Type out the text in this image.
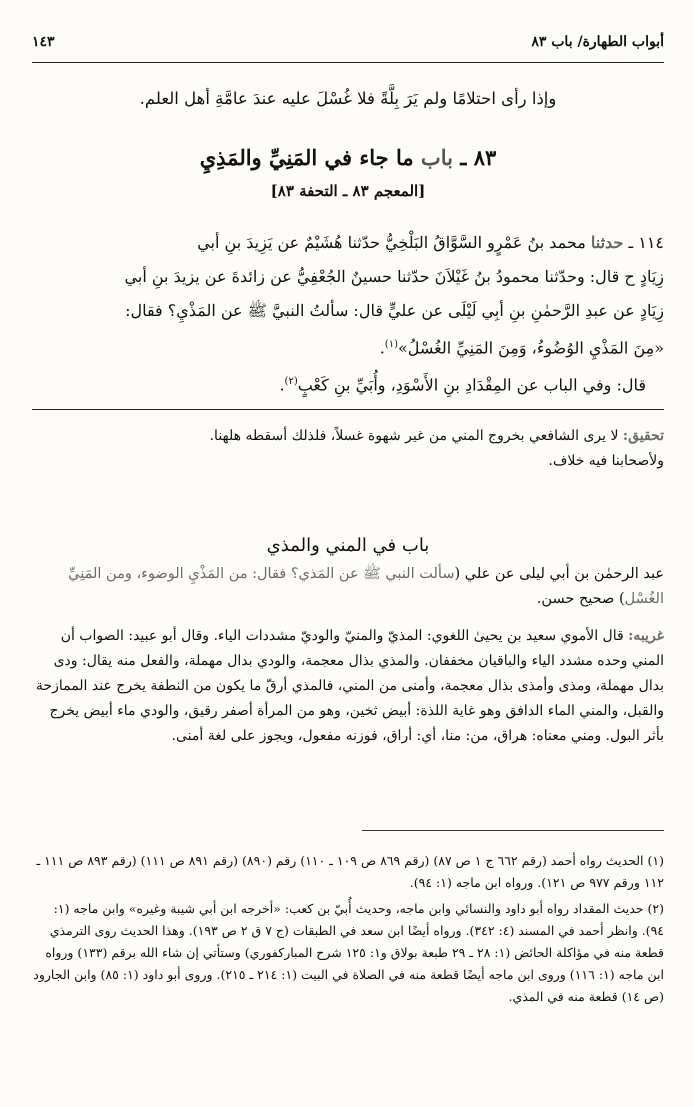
أبواب الطهارة/ باب ٨٣
١٤٣

وإذا رأى احتلامًا ولم يَرَ بِلَّةً فلا غُسْلَ عليه عندَ عامَّةِ أهل العلم.

٨٣ ـ باب ما جاء في المَنِيِّ والمَذِيِ
[المعجم ٨٣ ـ التحفة ٨٣]

١١٤ ـ حدثنا محمد بنُ عَمْرٍو السَّوَّاقُ البَلْخِيُّ حدّثنا هُشَيْمٌ عن يَزِيدَ بنِ أبي

زِيَادٍ ح قال: وحدّثنا محمودُ بنُ غَيْلاَنَ حدّثنا حسينٌ الجُعْفِيُّ عن زائدةَ عن يزيدَ بنِ أبي

زِيَادٍ عن عبدِ الرَّحمٰنِ بنِ أبِي لَيْلَى عن عليٍّ قال: سألتُ النبيَّ ﷺ عن المَذْيِ؟ فقال:

«مِنَ المَذْيِ الوُضُوءُ، وَمِنَ المَنِيِّ الغُسْلُ»$^{(١)}$.

قال: وفي الباب عن المِقْدَادِ بنِ الأَسْوَدِ، وأُبَيِّ بنِ كَعْبٍ$^{(٢)}$.

تحقيق: لا يرى الشافعي بخروج المني من غير شهوة غسلاً، فلذلك أسقطه هلهنا.

ولأصحابنا فيه خلاف.

باب في المني والمذي

عبد الرحمٰن بن أبي ليلى عن علي (سألت النبي ﷺ عن المَذي؟ فقال: من المَذْيِ الوضوء، ومن المَنِيِّ الغُسْل) صحيح حسن.

غريبه: قال الأموي سعيد بن يحيىٰ اللغوي: المذيّ والمنيّ والوديّ مشددات الياء. وقال أبو عبيد: الصواب أن المني وحده مشدد الياء والباقيان مخففان. والمذي بذال معجمة، والودي بدال مهملة، والفعل منه يقال: ودى بدال مهملة، ومذى وأمذى بذال معجمة، وأمنى من المني، فالمذي أرقّ ما يكون من النطفة يخرج عند الممازحة والقبل، والمني الماء الدافق وهو غاية اللذة: أبيض ثخين، وهو من المرأة أصفر رقيق، والودي ماء أبيض يخرج بأثر البول. ومني معناه: هراق، من: منا، أي: أراق، فوزنه مفعول، ويجوز على لغة أمنى.

(١) الحديث رواه أحمد (رقم ٦٦٢ ج ١ ص ٨٧) (رقم ٨٦٩ ص ١٠٩ ـ ١١٠) رقم (٨٩٠) (رقم ٨٩١ ص ١١١) (رقم ٨٩٣ ص ١١١ ـ ١١٢ ورقم ٩٧٧ ص ١٢١). ورواه ابن ماجه (١: ٩٤).

(٢) حديث المقداد رواه أبو داود والنسائي وابن ماجه، وحديث أُبيّ بن كعب: «أخرجه ابن أبي شيبة وغيره» وابن ماجه (١: ٩٤). وانظر أحمد في المسند (٤: ٣٤٢). ورواه أيضًا ابن سعد في الطبقات (ج ٧ ق ٢ ص ١٩٣). وهذا الحديث روى الترمذي قطعة منه في مؤاكلة الحائض (١: ٢٨ ـ ٢٩ طبعة بولاق و١: ١٢٥ شرح المباركفوري) وستأتي إن شاء الله برقم (١٣٣) ورواه ابن ماجه (١: ١١٦) وروى ابن ماجه أيضًا قطعة منه في الصلاة في البيت (١: ٢١٤ ـ ٢١٥). وروى أبو داود (١: ٨٥) وابن الجارود (ص ١٤) قطعة منه في المذي.
